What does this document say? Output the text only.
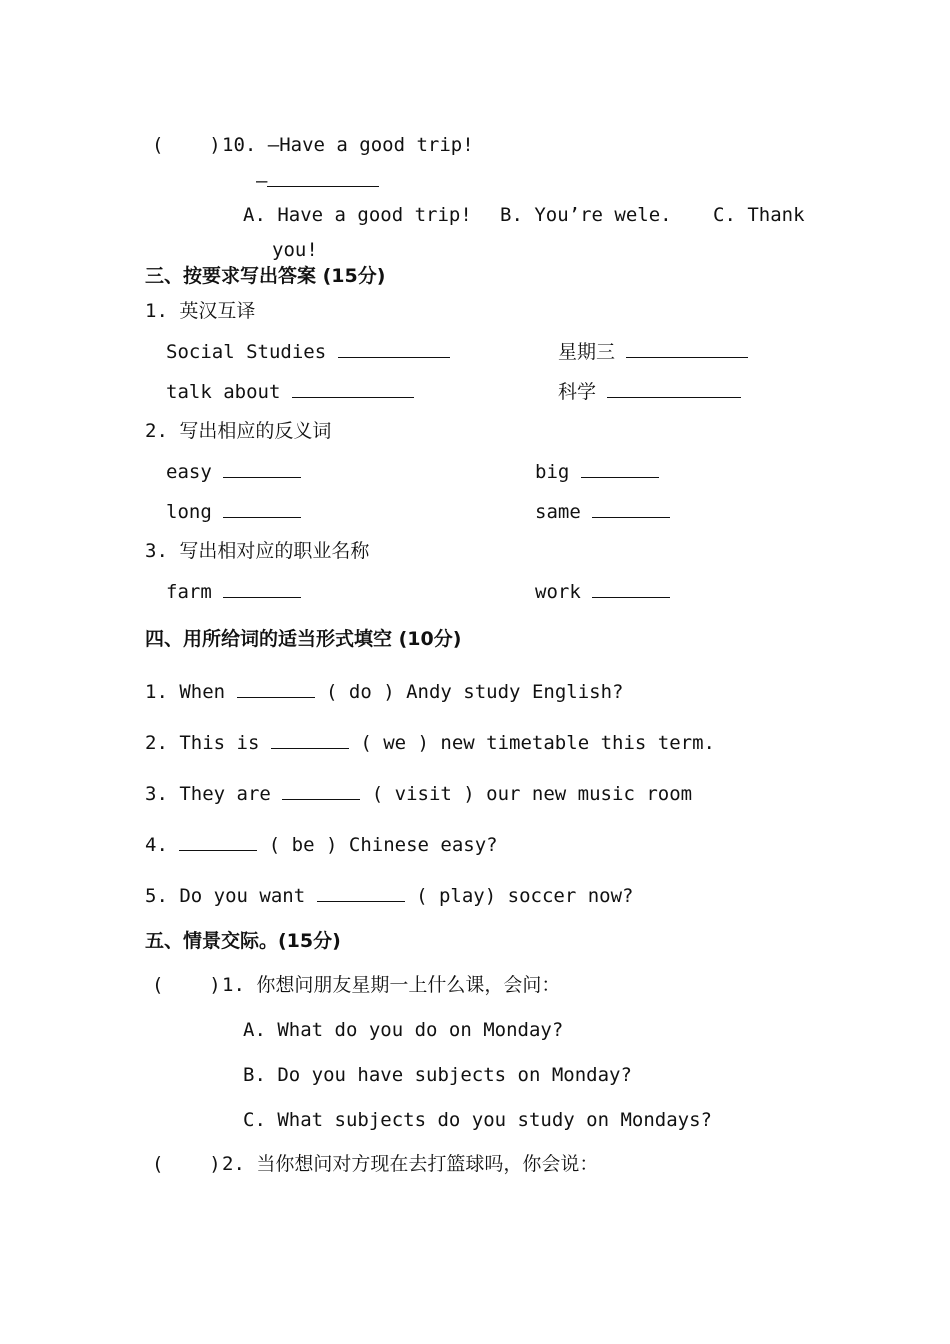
(    ) 10. —Have a good trip!
—
A. Have a good trip! B. You’re wele. C. Thank
you!
三、按要求写出答案 (15分)
1. 英汉互译
Social Studies	星期三
talk about	科学
2. 写出相应的反义词
easy	big
long	same
3. 写出相对应的职业名称
farm	work
四、用所给词的适当形式填空 (10分)
1. When	( do ) Andy study English?
2. This is	( we ) new timetable this term.
3. They are	( visit ) our new music room
4.	( be ) Chinese easy?
5. Do you want	( play) soccer now?
五、情景交际。(15分)
(    ) 1. 你想问朋友星期一上什么课，会问：
A. What do you do on Monday?
B. Do you have subjects on Monday?
C. What subjects do you study on Mondays?
(    ) 2. 当你想问对方现在去打篮球吗，你会说：
